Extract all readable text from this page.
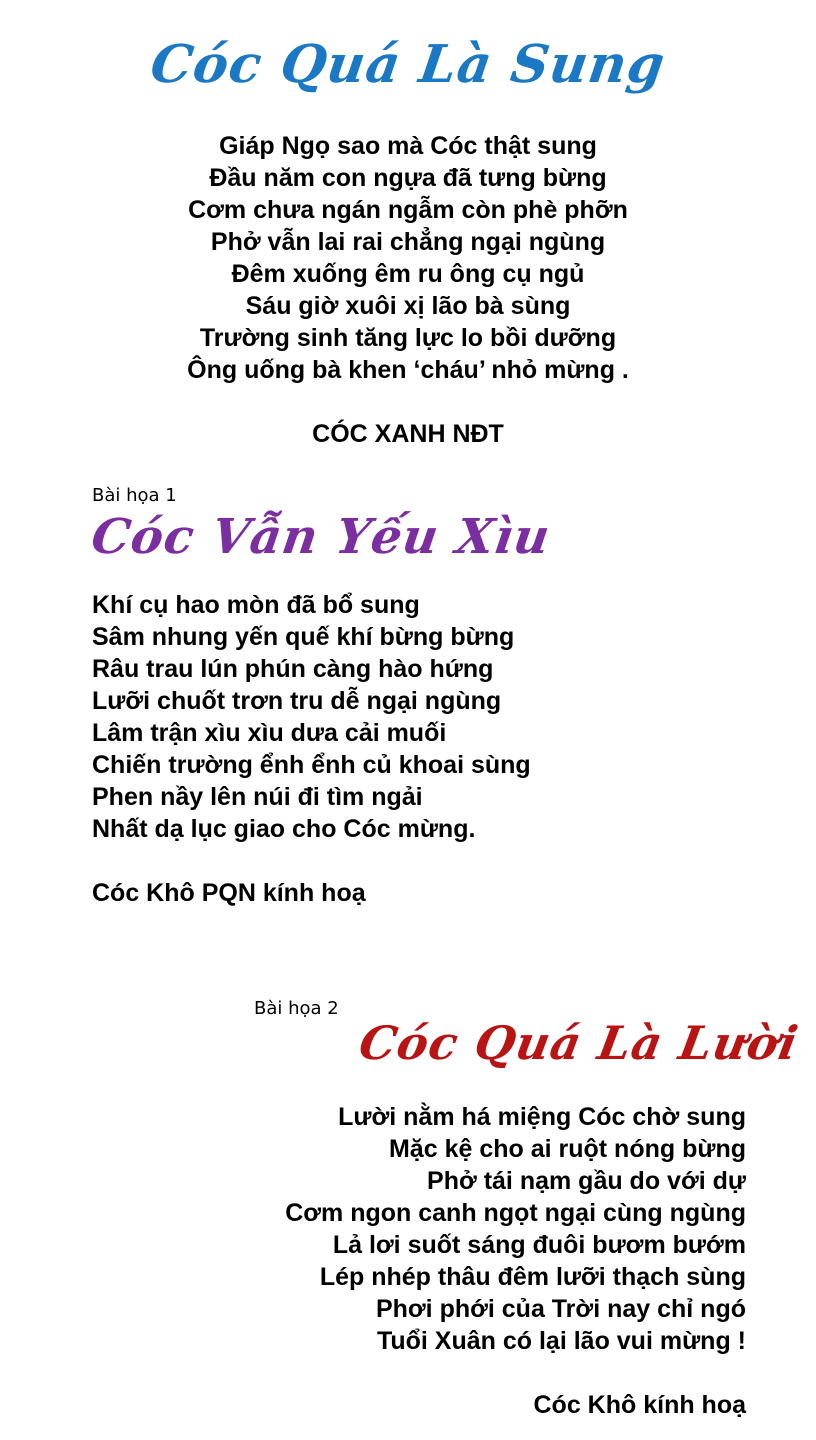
Cóc Quá Là Sung
Giáp Ngọ sao mà Cóc thật sung
Đầu năm con ngựa đã tưng bừng
Cơm chưa ngán ngẫm còn phè phỡn
Phở vẫn lai rai chẳng ngại ngùng
Đêm xuống êm ru ông cụ ngủ
Sáu giờ xuôi xị lão bà sùng
Trường sinh tăng lực lo bồi dưỡng
Ông uống bà khen ‘cháu’ nhỏ mừng .
CÓC XANH NĐT
Bài họa 1
Cóc Vẫn Yếu Xìu
Khí cụ hao mòn đã bổ sung
Sâm nhung yến quế khí bừng bừng
Râu trau lún phún càng hào hứng
Lưỡi chuốt trơn tru dễ ngại ngùng
Lâm trận xìu xìu dưa cải muối
Chiến trường ểnh ểnh củ khoai sùng
Phen nầy lên núi đi tìm ngải
Nhất dạ lục giao cho Cóc mừng.
Cóc Khô PQN kính hoạ
Bài họa 2
Cóc Quá Là Lười
Lười nằm há miệng Cóc chờ sung
Mặc kệ cho ai ruột nóng bừng
Phở tái nạm gầu do với dự
Cơm ngon canh ngọt ngại cùng ngùng
Lả lơi suốt sáng đuôi bươm bướm
Lép nhép thâu đêm lưỡi thạch sùng
Phơi phới của Trời nay chỉ ngó
Tuổi Xuân có lại lão vui mừng !
Cóc Khô kính hoạ
